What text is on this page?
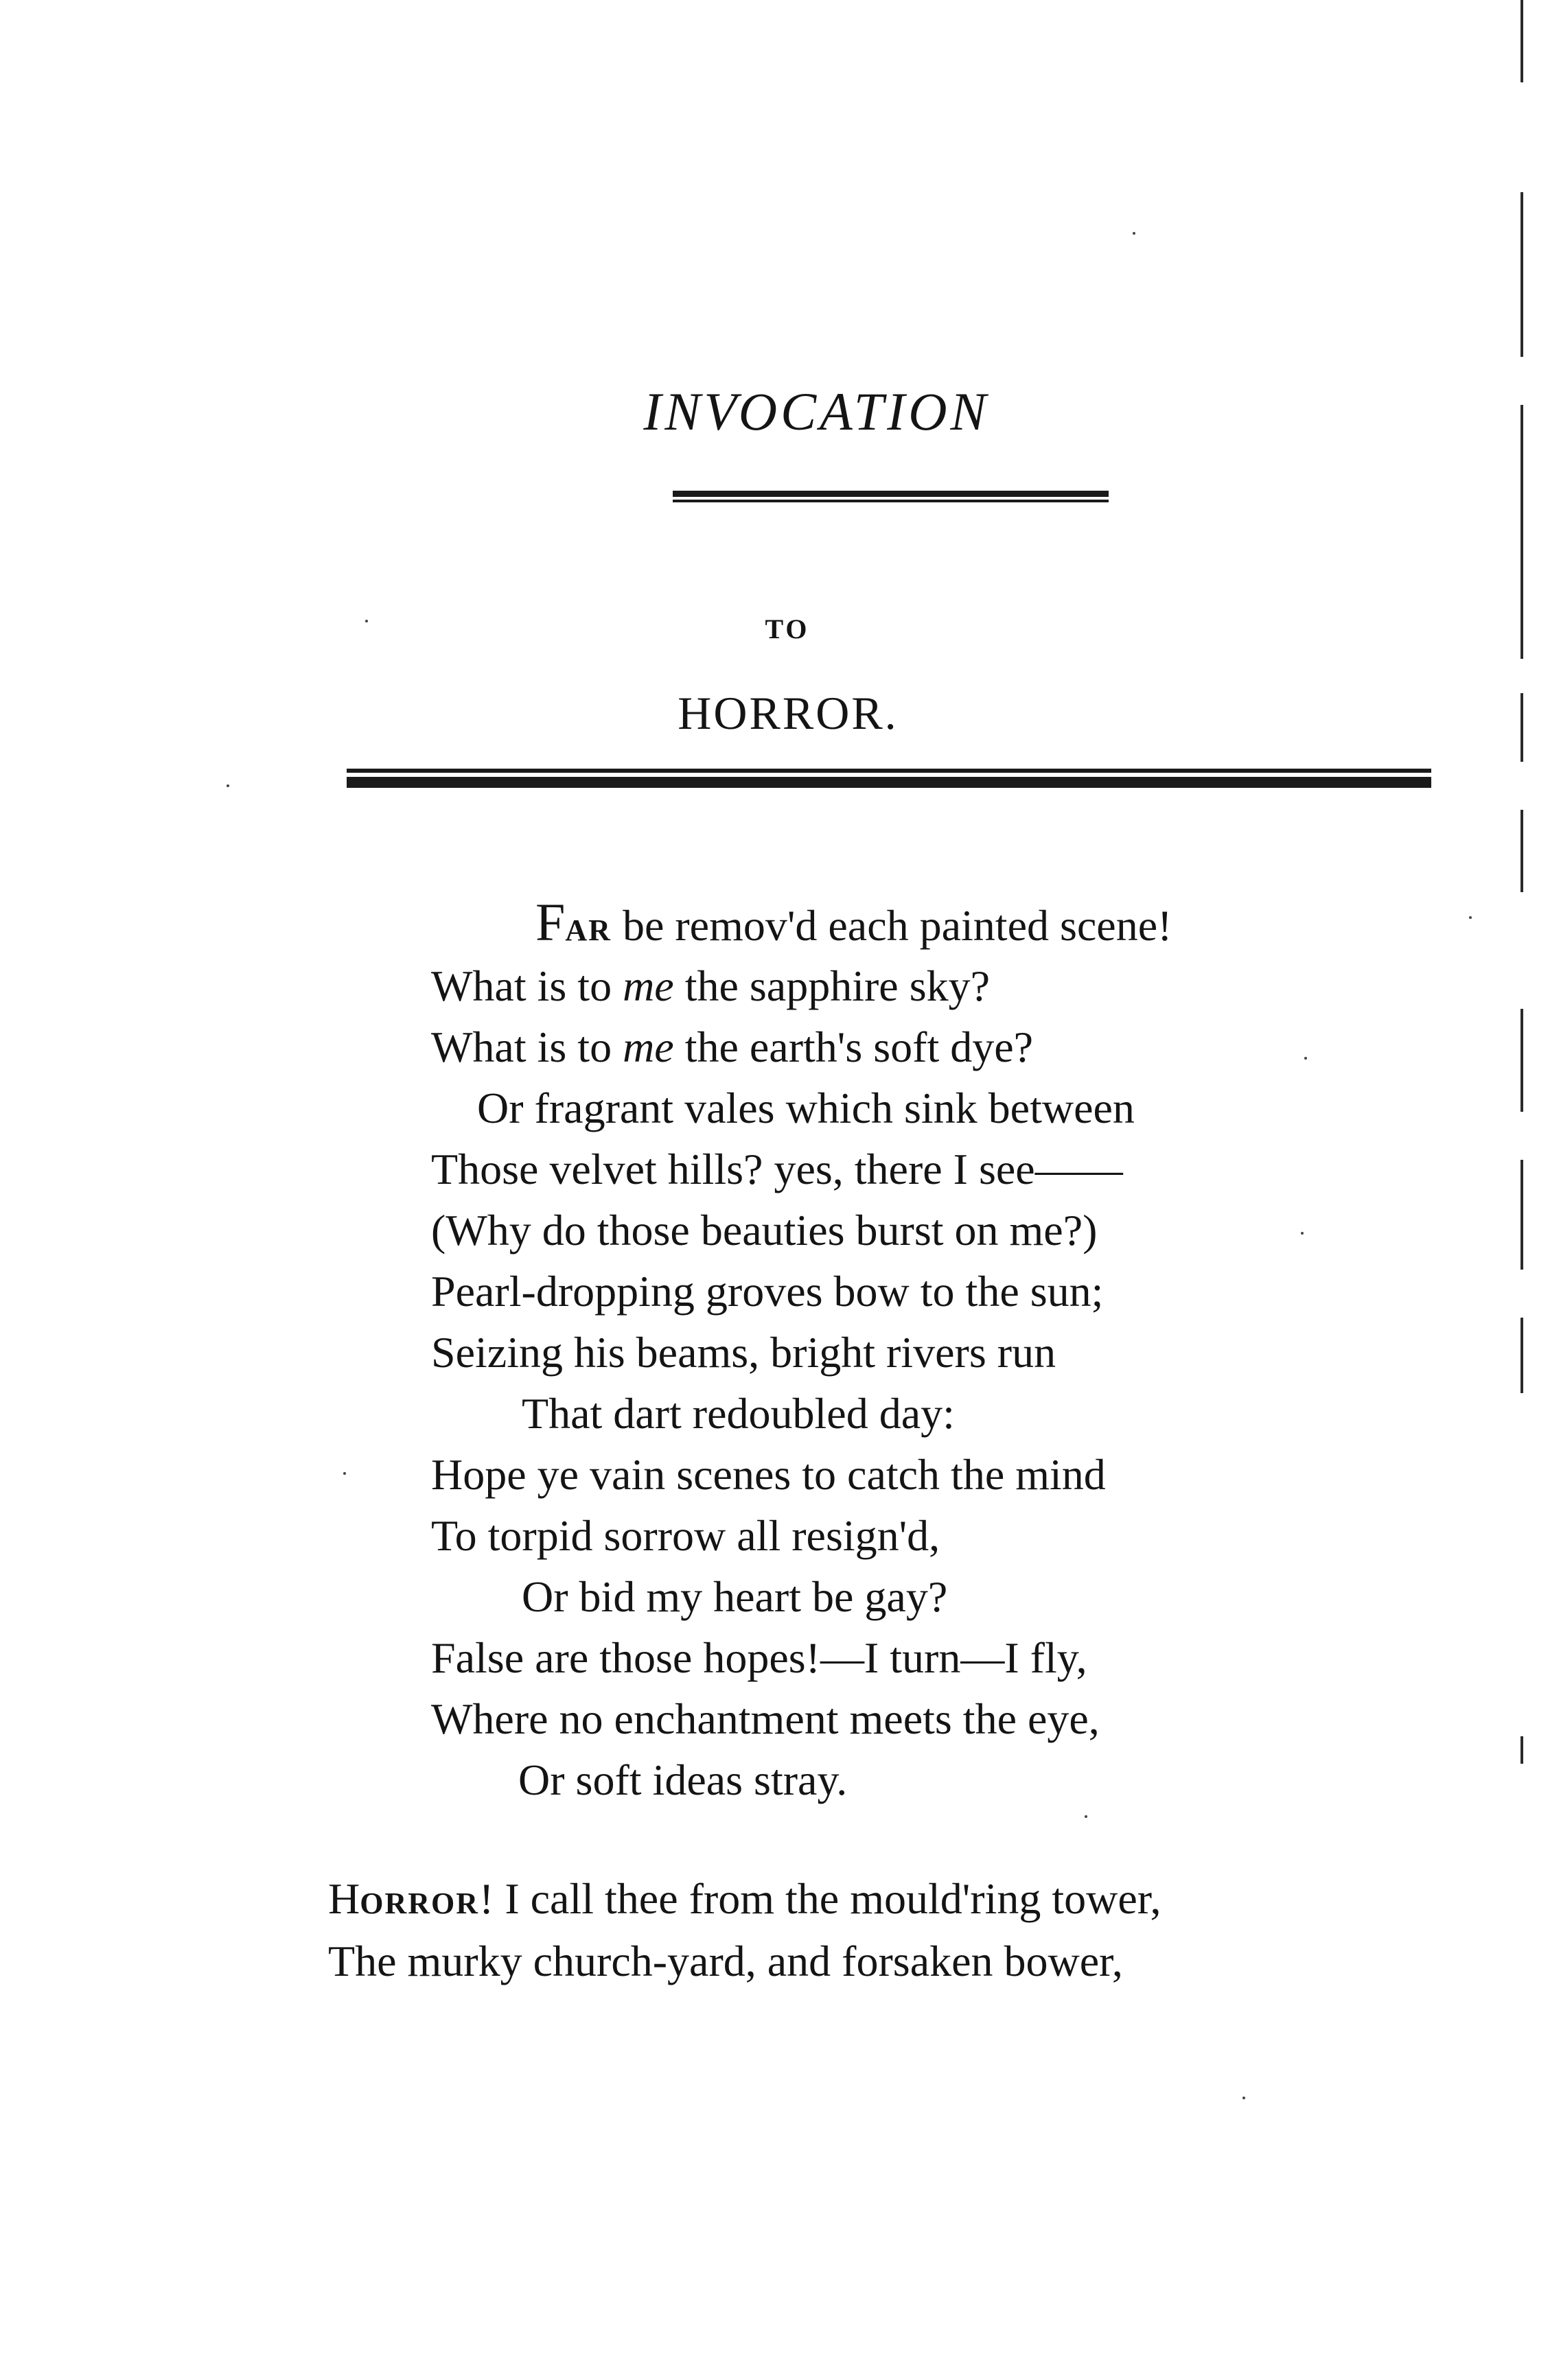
INVOCATION
TO
HORROR.
FAR be remov'd each painted scene!
What is to me the sapphire sky?
What is to me the earth's soft dye?
Or fragrant vales which sink between
Those velvet hills? yes, there I see——
(Why do those beauties burst on me?)
Pearl-dropping groves bow to the sun;
Seizing his beams, bright rivers run
That dart redoubled day:
Hope ye vain scenes to catch the mind
To torpid sorrow all resign'd,
Or bid my heart be gay?
False are those hopes!—I turn—I fly,
Where no enchantment meets the eye,
Or soft ideas stray.
HORROR! I call thee from the mould'ring tower,
The murky church-yard, and forsaken bower,
